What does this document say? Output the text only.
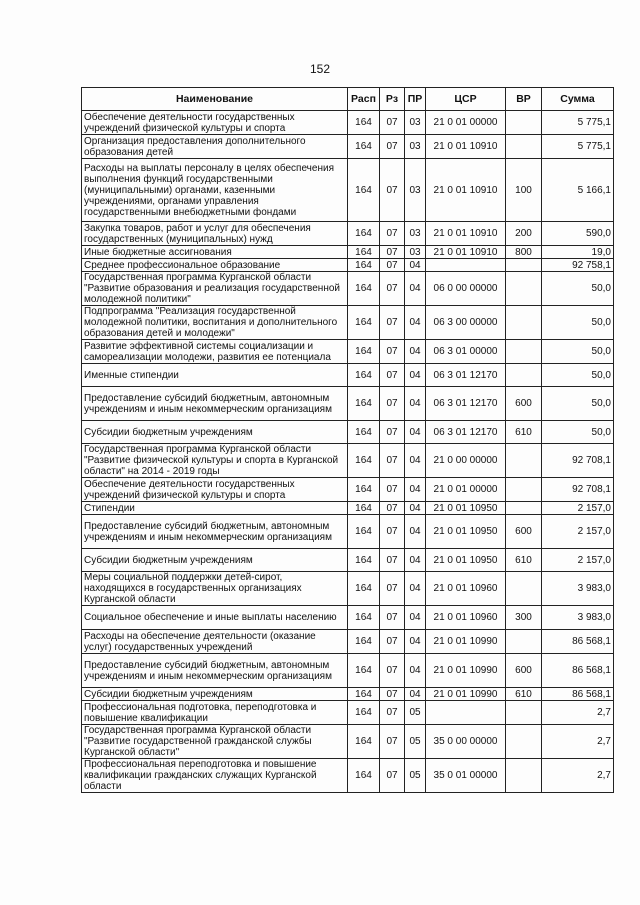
152
Наименование	Расп	Рз	ПР	ЦСР	ВР	Сумма
Обеспечение деятельности государственных учреждений физической культуры и спорта	164	07	03	21 0 01 00000		5 775,1
Организация предоставления дополнительного образования детей	164	07	03	21 0 01 10910		5 775,1
Расходы на выплаты персоналу в целях обеспечения выполнения функций государственными (муниципальными) органами, казенными учреждениями, органами управления государственными внебюджетными фондами	164	07	03	21 0 01 10910	100	5 166,1
Закупка товаров, работ и услуг для обеспечения государственных (муниципальных) нужд	164	07	03	21 0 01 10910	200	590,0
Иные бюджетные ассигнования	164	07	03	21 0 01 10910	800	19,0
Среднее профессиональное образование	164	07	04			92 758,1
Государственная программа Курганской области "Развитие образования и реализация государственной молодежной политики"	164	07	04	06 0 00 00000		50,0
Подпрограмма "Реализация государственной молодежной политики, воспитания и дополнительного образования детей и молодежи"	164	07	04	06 3 00 00000		50,0
Развитие эффективной системы социализации и самореализации молодежи, развития ее потенциала	164	07	04	06 3 01 00000		50,0
Именные стипендии	164	07	04	06 3 01 12170		50,0
Предоставление субсидий бюджетным, автономным учреждениям и иным некоммерческим организациям	164	07	04	06 3 01 12170	600	50,0
Субсидии бюджетным учреждениям	164	07	04	06 3 01 12170	610	50,0
Государственная программа Курганской области "Развитие физической культуры и спорта в Курганской области" на 2014 - 2019 годы	164	07	04	21 0 00 00000		92 708,1
Обеспечение деятельности государственных учреждений физической культуры и спорта	164	07	04	21 0 01 00000		92 708,1
Стипендии	164	07	04	21 0 01 10950		2 157,0
Предоставление субсидий бюджетным, автономным учреждениям и иным некоммерческим организациям	164	07	04	21 0 01 10950	600	2 157,0
Субсидии бюджетным учреждениям	164	07	04	21 0 01 10950	610	2 157,0
Меры социальной поддержки детей-сирот, находящихся в государственных организациях Курганской области	164	07	04	21 0 01 10960		3 983,0
Социальное обеспечение и иные выплаты населению	164	07	04	21 0 01 10960	300	3 983,0
Расходы на обеспечение деятельности (оказание услуг) государственных учреждений	164	07	04	21 0 01 10990		86 568,1
Предоставление субсидий бюджетным, автономным учреждениям и иным некоммерческим организациям	164	07	04	21 0 01 10990	600	86 568,1
Субсидии бюджетным учреждениям	164	07	04	21 0 01 10990	610	86 568,1
Профессиональная подготовка, переподготовка и повышение квалификации	164	07	05			2,7
Государственная программа Курганской области "Развитие государственной гражданской службы Курганской области"	164	07	05	35 0 00 00000		2,7
Профессиональная переподготовка и повышение квалификации гражданских служащих Курганской области	164	07	05	35 0 01 00000		2,7
